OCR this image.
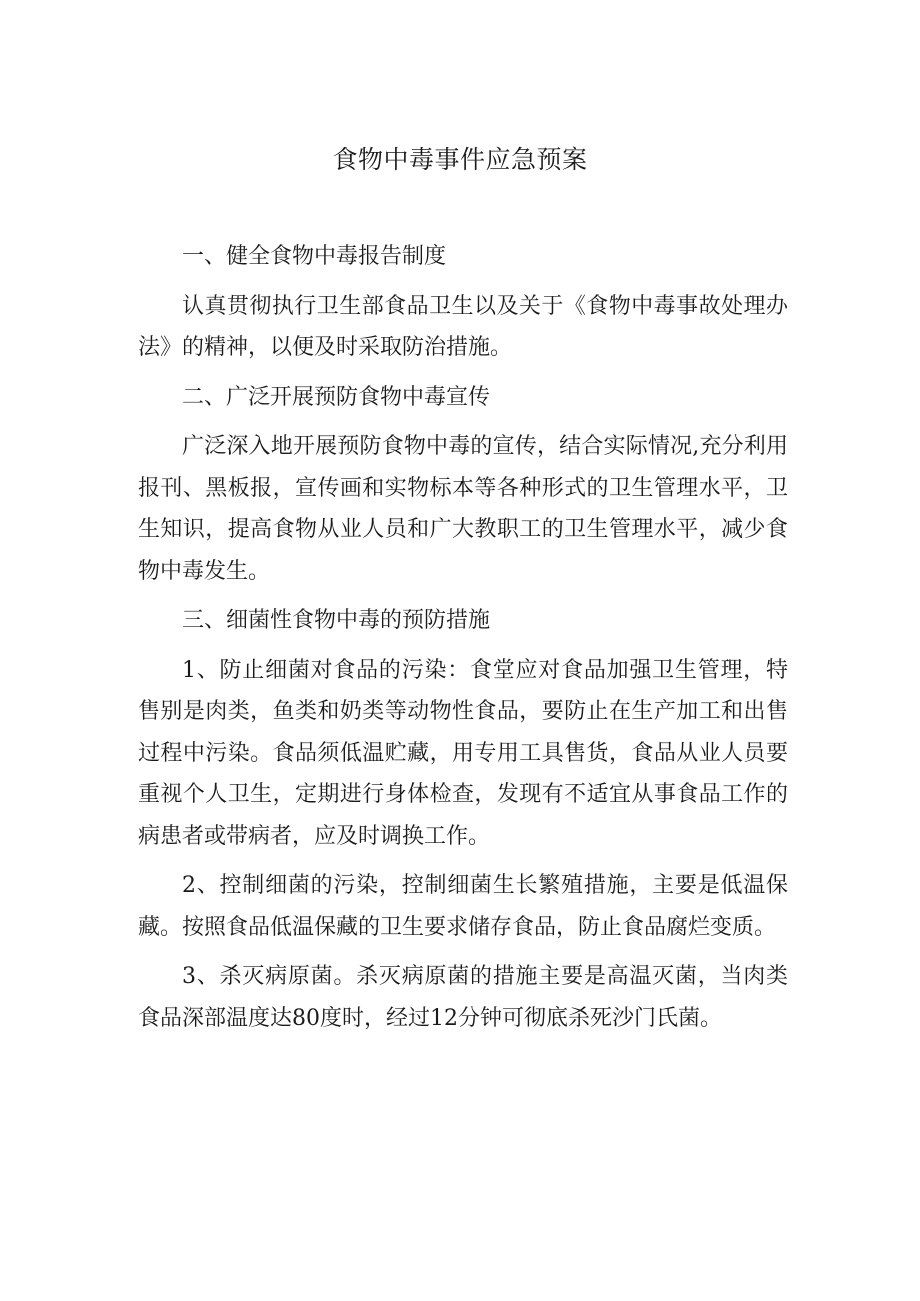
食物中毒事件应急预案

一、健全食物中毒报告制度

认真贯彻执行卫生部食品卫生以及关于《食物中毒事故处理办法》的精神，以便及时采取防治措施。

二、广泛开展预防食物中毒宣传

广泛深入地开展预防食物中毒的宣传，结合实际情况,充分利用报刊、黑板报，宣传画和实物标本等各种形式的卫生管理水平，卫生知识，提高食物从业人员和广大教职工的卫生管理水平，减少食物中毒发生。

三、细菌性食物中毒的预防措施

1、防止细菌对食品的污染：食堂应对食品加强卫生管理，特售别是肉类，鱼类和奶类等动物性食品，要防止在生产加工和出售过程中污染。食品须低温贮藏，用专用工具售货，食品从业人员要重视个人卫生，定期进行身体检查，发现有不适宜从事食品工作的病患者或带病者，应及时调换工作。

2、控制细菌的污染，控制细菌生长繁殖措施，主要是低温保藏。按照食品低温保藏的卫生要求储存食品，防止食品腐烂变质。

3、杀灭病原菌。杀灭病原菌的措施主要是高温灭菌，当肉类食品深部温度达80度时，经过12分钟可彻底杀死沙门氏菌。
